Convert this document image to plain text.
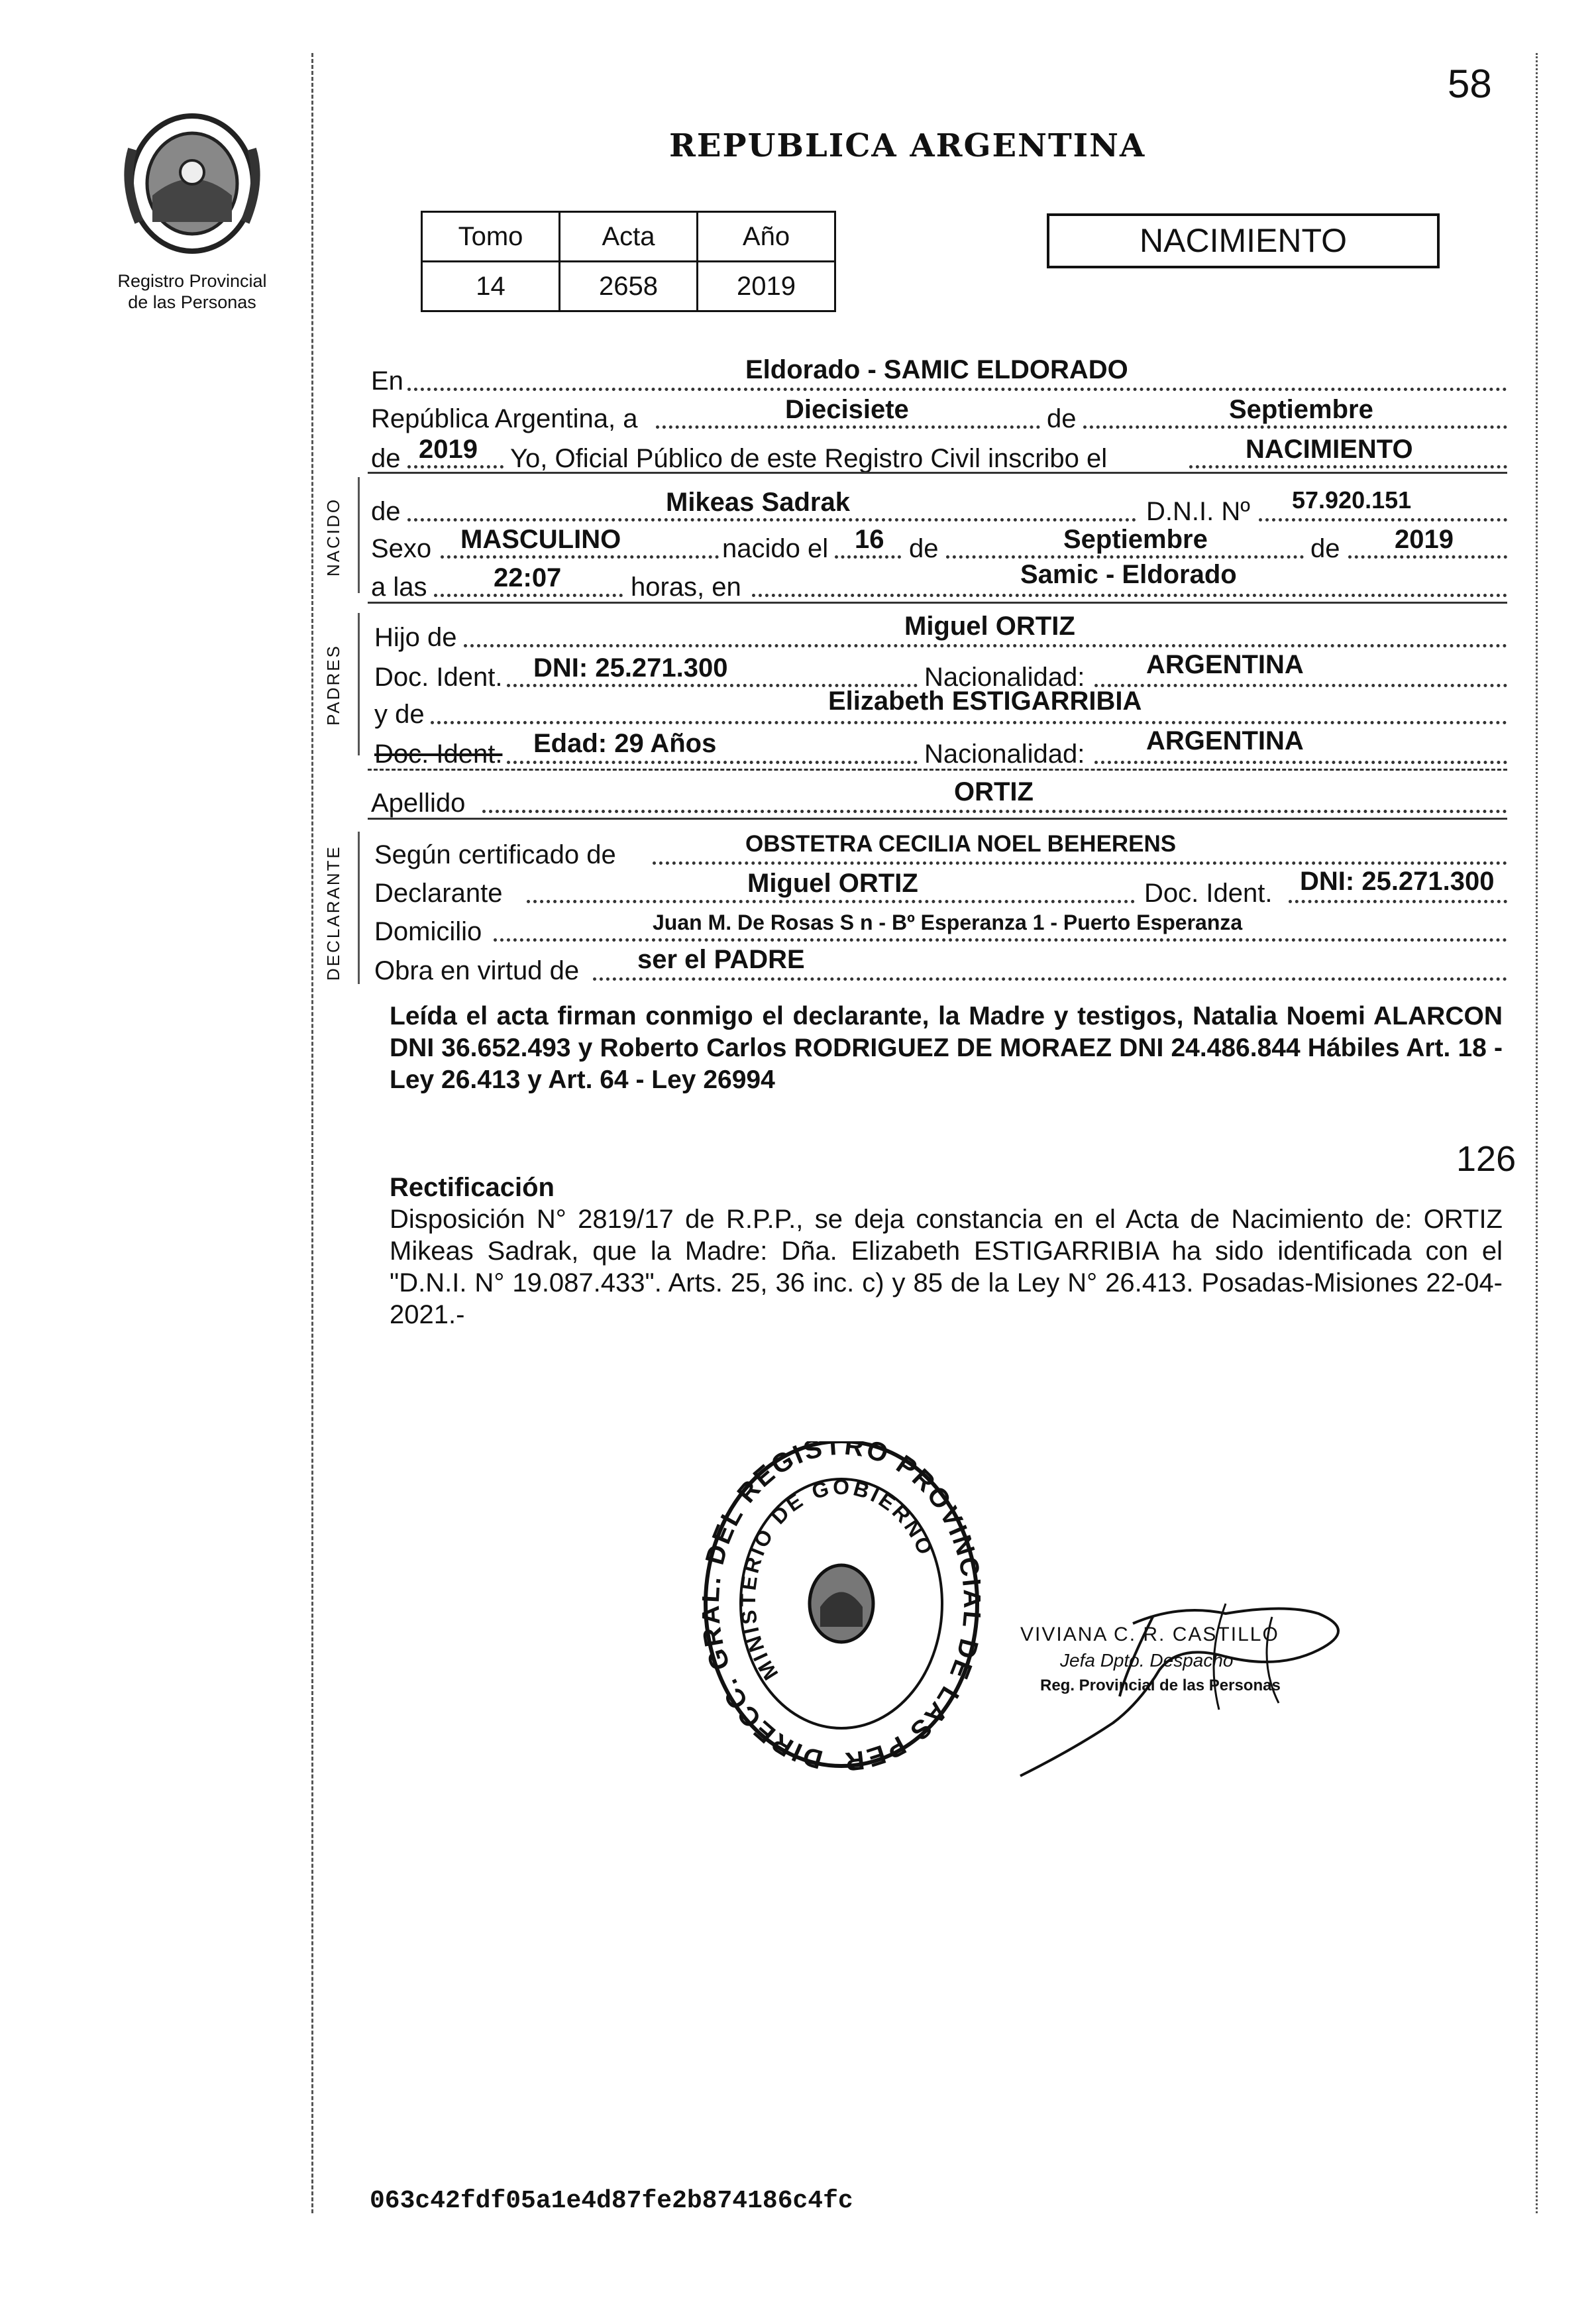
58
Registro Provincial
de las Personas
REPUBLICA ARGENTINA
Tomo	Acta	Año
14	2658	2019
NACIMIENTO
NACIDO
PADRES
DECLARANTE
En	Eldorado - SAMIC ELDORADO
República Argentina, a	Diecisiete	de	Septiembre
de 2019 Yo, Oficial Público de este Registro Civil inscribo el	NACIMIENTO
de	Mikeas Sadrak	D.N.I. Nº 57.920.151
Sexo MASCULINO	nacido el 16 de	Septiembre	de 2019
a las	22:07	horas, en	Samic - Eldorado
Hijo de	Miguel ORTIZ
Doc. Ident. DNI: 25.271.300	Nacionalidad: ARGENTINA
y de	Elizabeth ESTIGARRIBIA
Doc. Ident. Edad: 29 Años	Nacionalidad: ARGENTINA
Apellido	ORTIZ
Según certificado de	OBSTETRA CECILIA NOEL BEHERENS
Declarante	Miguel ORTIZ	Doc. Ident. DNI: 25.271.300
Domicilio	Juan M. De Rosas S n - Bº Esperanza 1 - Puerto Esperanza
Obra en virtud de ser el PADRE
Leída el acta firman conmigo el declarante, la Madre y testigos, Natalia Noemi ALARCON DNI 36.652.493 y Roberto Carlos RODRIGUEZ DE MORAEZ DNI 24.486.844 Hábiles Art. 18 - Ley 26.413 y Art. 64 - Ley 26994
126
Rectificación
Disposición N° 2819/17 de R.P.P., se deja constancia en el Acta de Nacimiento de: ORTIZ Mikeas Sadrak, que la Madre: Dña. Elizabeth ESTIGARRIBIA ha sido identificada con el "D.N.I. N° 19.087.433". Arts. 25, 36 inc. c) y 85 de la Ley N° 26.413. Posadas-Misiones 22-04-2021.-
DIRECC. G DEL REGISTRO PROVIN DE LAS PER
MINISTERIO DE GOBIERNO
VIVIANA C. R. CASTILLO
Jefa Dpto. Despacho
Reg. Provincial de las Personas
063c42fdf05a1e4d87fe2b874186c4fc
